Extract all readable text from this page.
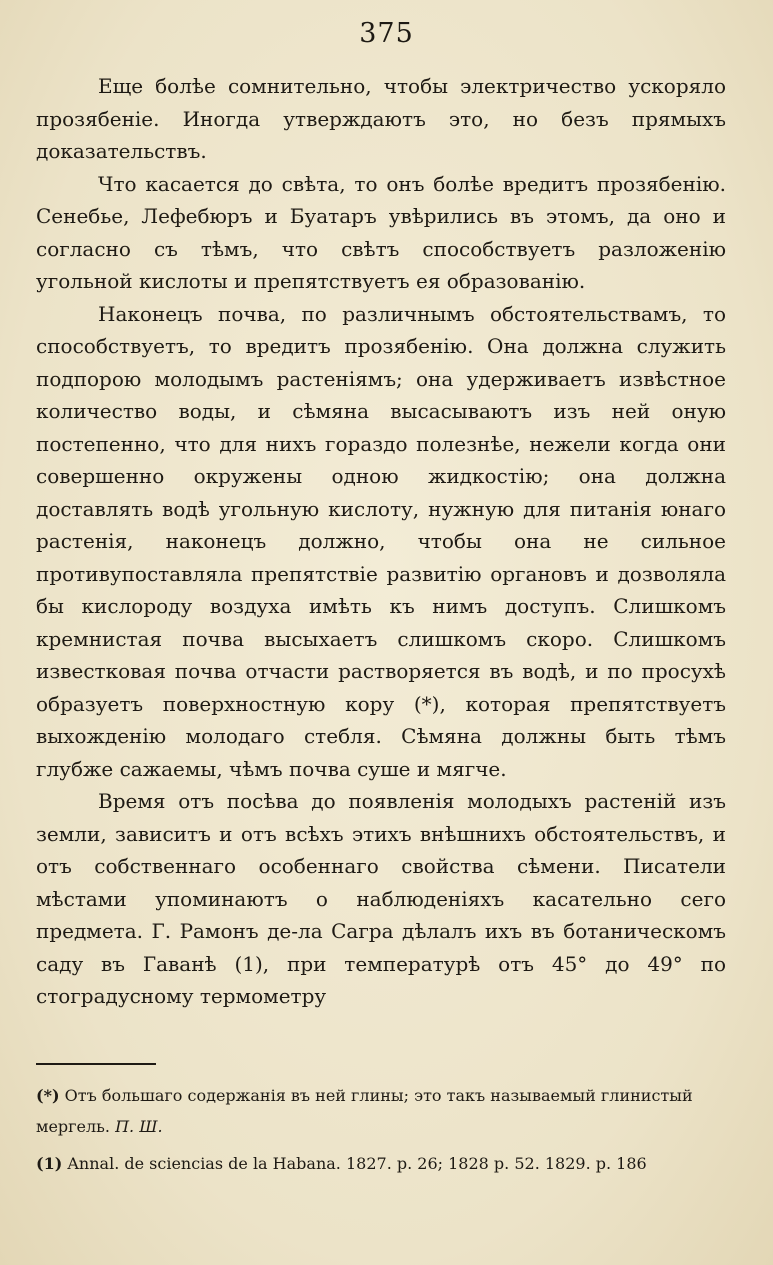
375

Еще болѣе сомнительно, чтобы электричество ускоряло прозябеніе. Иногда утверждаютъ это, но безъ прямыхъ доказательствъ.

Что касается до свѣта, то онъ болѣе вредитъ прозябенію. Сенебье, Лефебюръ и Буатаръ увѣрились въ этомъ, да оно и согласно съ тѣмъ, что свѣтъ способствуетъ разложенію угольной кислоты и препятствуетъ ея образованію.

Наконецъ почва, по различнымъ обстоятельствамъ, то способствуетъ, то вредитъ прозябенію. Она должна служить подпорою молодымъ растеніямъ; она удерживаетъ извѣстное количество воды, и сѣмяна высасываютъ изъ ней оную постепенно, что для нихъ гораздо полезнѣе, нежели когда они совершенно окружены одною жидкостію; она должна доставлять водѣ угольную кислоту, нужную для питанія юнаго растенія, наконецъ должно, чтобы она не сильное противупоставляла препятствіе развитію органовъ и дозволяла бы кислороду воздуха имѣть къ нимъ доступъ. Слишкомъ кремнистая почва высыхаетъ слишкомъ скоро. Слишкомъ известковая почва отчасти растворяется въ водѣ, и по просухѣ образуетъ поверхностную кору (*), которая препятствуетъ выхожденію молодаго стебля. Сѣмяна должны быть тѣмъ глубже сажаемы, чѣмъ почва суше и мягче.

Время отъ посѣва до появленія молодыхъ растеній изъ земли, зависитъ и отъ всѣхъ этихъ внѣшнихъ обстоятельствъ, и отъ собственнаго особеннаго свойства сѣмени. Писатели мѣстами упоминаютъ о наблюденіяхъ касательно сего предмета. Г. Рамонъ де-ла Сагра дѣлалъ ихъ въ ботаническомъ саду въ Гаванѣ (1), при температурѣ отъ 45° до 49° по стоградусному термометру

(*) Отъ большаго содержанія въ ней глины; это такъ называемый глинистый мергель. П. Ш.

(1) Annal. de sciencias de la Habana. 1827. p. 26; 1828 p. 52. 1829. p. 186
